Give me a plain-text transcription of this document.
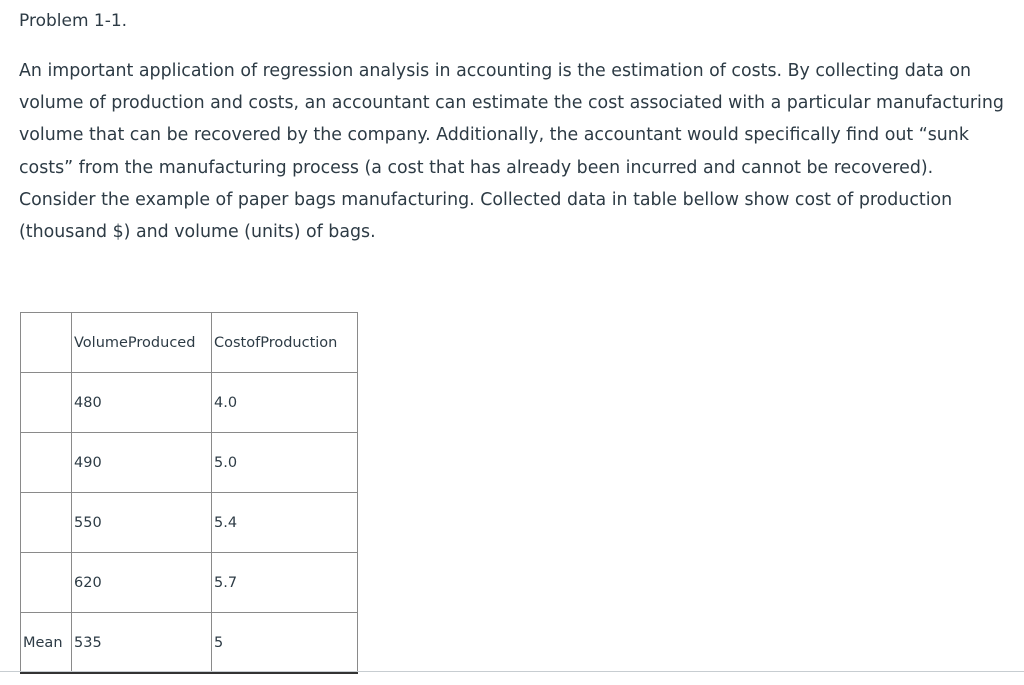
Problem 1-1.
An important application of regression analysis in accounting is the estimation of costs. By collecting data on volume of production and costs, an accountant can estimate the cost associated with a particular manufacturing volume that can be recovered by the company. Additionally, the accountant would specifically find out “sunk costs” from the manufacturing process (a cost that has already been incurred and cannot be recovered). Consider the example of paper bags manufacturing. Collected data in table bellow show cost of production (thousand $) and volume (units) of bags.
	VolumeProduced	CostofProduction
	480	4.0
	490	5.0
	550	5.4
	620	5.7
Mean	535	5
